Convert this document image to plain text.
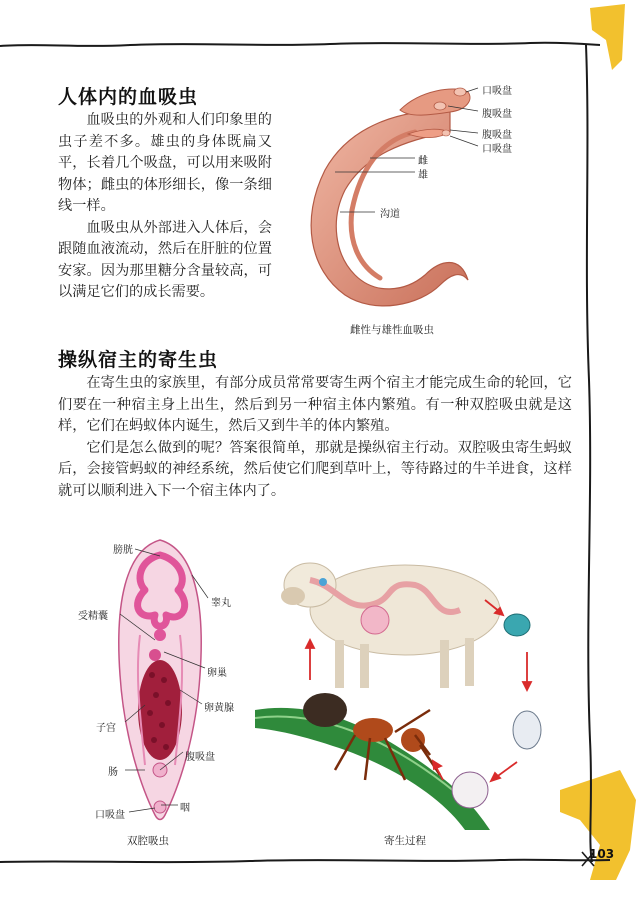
人体内的血吸虫

血吸虫的外观和人们印象里的虫子差不多。雄虫的身体既扁又平，长着几个吸盘，可以用来吸附物体；雌虫的体形细长，像一条细线一样。

血吸虫从外部进入人体后，会跟随血液流动，然后在肝脏的位置安家。因为那里糖分含量较高，可以满足它们的成长需要。

口吸盘
腹吸盘
腹吸盘
口吸盘
雌
雄
沟道
雌性与雄性血吸虫
操纵宿主的寄生虫

在寄生虫的家族里，有部分成员常常要寄生两个宿主才能完成生命的轮回，它们要在一种宿主身上出生，然后到另一种宿主体内繁殖。有一种双腔吸虫就是这样，它们在蚂蚁体内诞生，然后又到牛羊的体内繁殖。

它们是怎么做到的呢？答案很简单，那就是操纵宿主行动。双腔吸虫寄生蚂蚁后，会接管蚂蚁的神经系统，然后使它们爬到草叶上，等待路过的牛羊进食，这样就可以顺利进入下一个宿主体内了。

膀胱
睾丸
受精囊
卵巢
卵黄腺
子宫
腹吸盘
肠
咽
口吸盘
双腔吸虫	寄生过程
103
